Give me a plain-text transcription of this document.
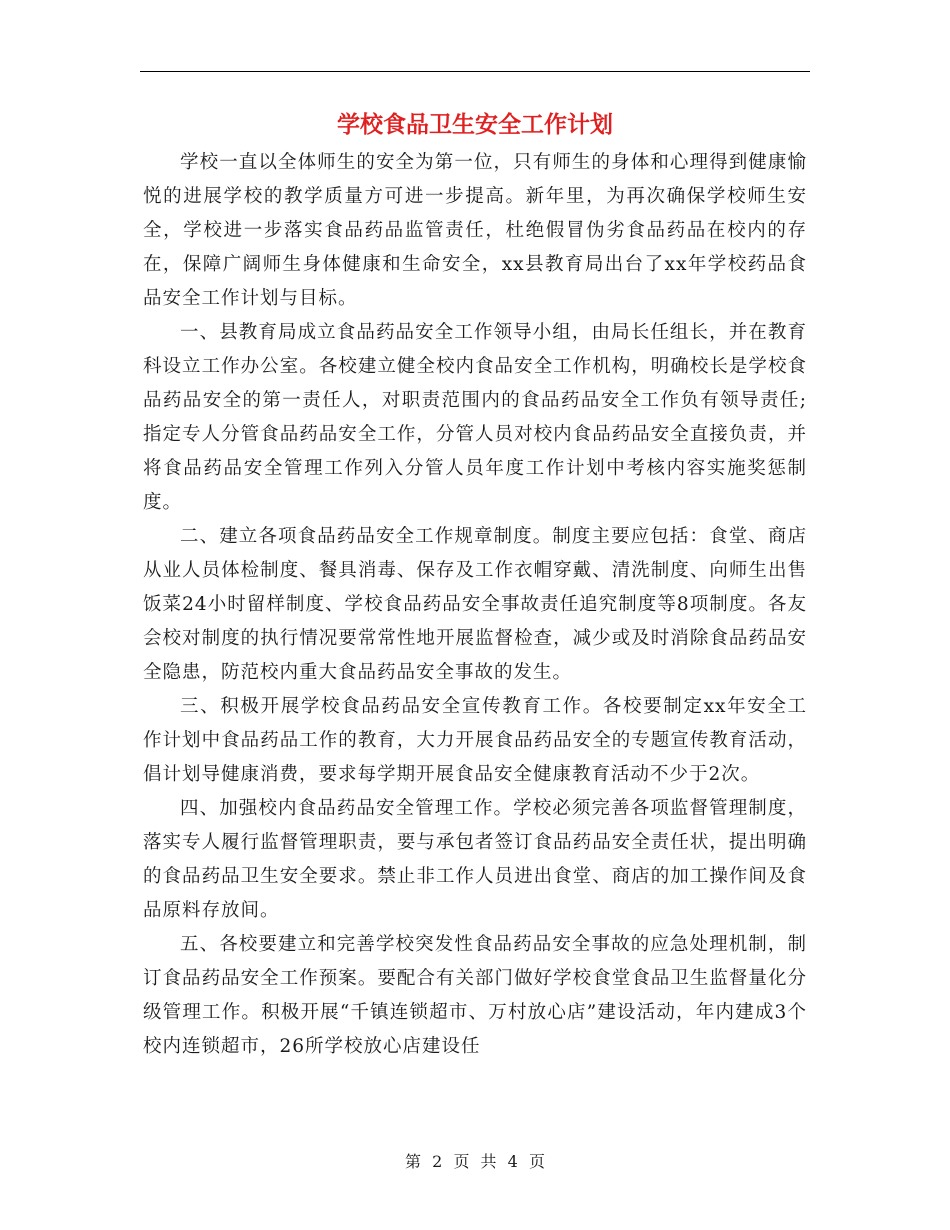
学校食品卫生安全工作计划

学校一直以全体师生的安全为第一位，只有师生的身体和心理得到健康愉悦的进展学校的教学质量方可进一步提高。新年里，为再次确保学校师生安全，学校进一步落实食品药品监管责任，杜绝假冒伪劣食品药品在校内的存在，保障广阔师生身体健康和生命安全，xx县教育局出台了xx年学校药品食品安全工作计划与目标。

一、县教育局成立食品药品安全工作领导小组，由局长任组长，并在教育科设立工作办公室。各校建立健全校内食品安全工作机构，明确校长是学校食品药品安全的第一责任人，对职责范围内的食品药品安全工作负有领导责任;指定专人分管食品药品安全工作，分管人员对校内食品药品安全直接负责，并将食品药品安全管理工作列入分管人员年度工作计划中考核内容实施奖惩制度。

二、建立各项食品药品安全工作规章制度。制度主要应包括：食堂、商店从业人员体检制度、餐具消毒、保存及工作衣帽穿戴、清洗制度、向师生出售饭菜24小时留样制度、学校食品药品安全事故责任追究制度等8项制度。各友会校对制度的执行情况要常常性地开展监督检查，减少或及时消除食品药品安全隐患，防范校内重大食品药品安全事故的发生。

三、积极开展学校食品药品安全宣传教育工作。各校要制定xx年安全工作计划中食品药品工作的教育，大力开展食品药品安全的专题宣传教育活动，倡计划导健康消费，要求每学期开展食品安全健康教育活动不少于2次。

四、加强校内食品药品安全管理工作。学校必须完善各项监督管理制度，落实专人履行监督管理职责，要与承包者签订食品药品安全责任状，提出明确的食品药品卫生安全要求。禁止非工作人员进出食堂、商店的加工操作间及食品原料存放间。

五、各校要建立和完善学校突发性食品药品安全事故的应急处理机制，制订食品药品安全工作预案。要配合有关部门做好学校食堂食品卫生监督量化分级管理工作。积极开展“千镇连锁超市、万村放心店”建设活动，年内建成3个校内连锁超市，26所学校放心店建设任

第 2 页 共 4 页
